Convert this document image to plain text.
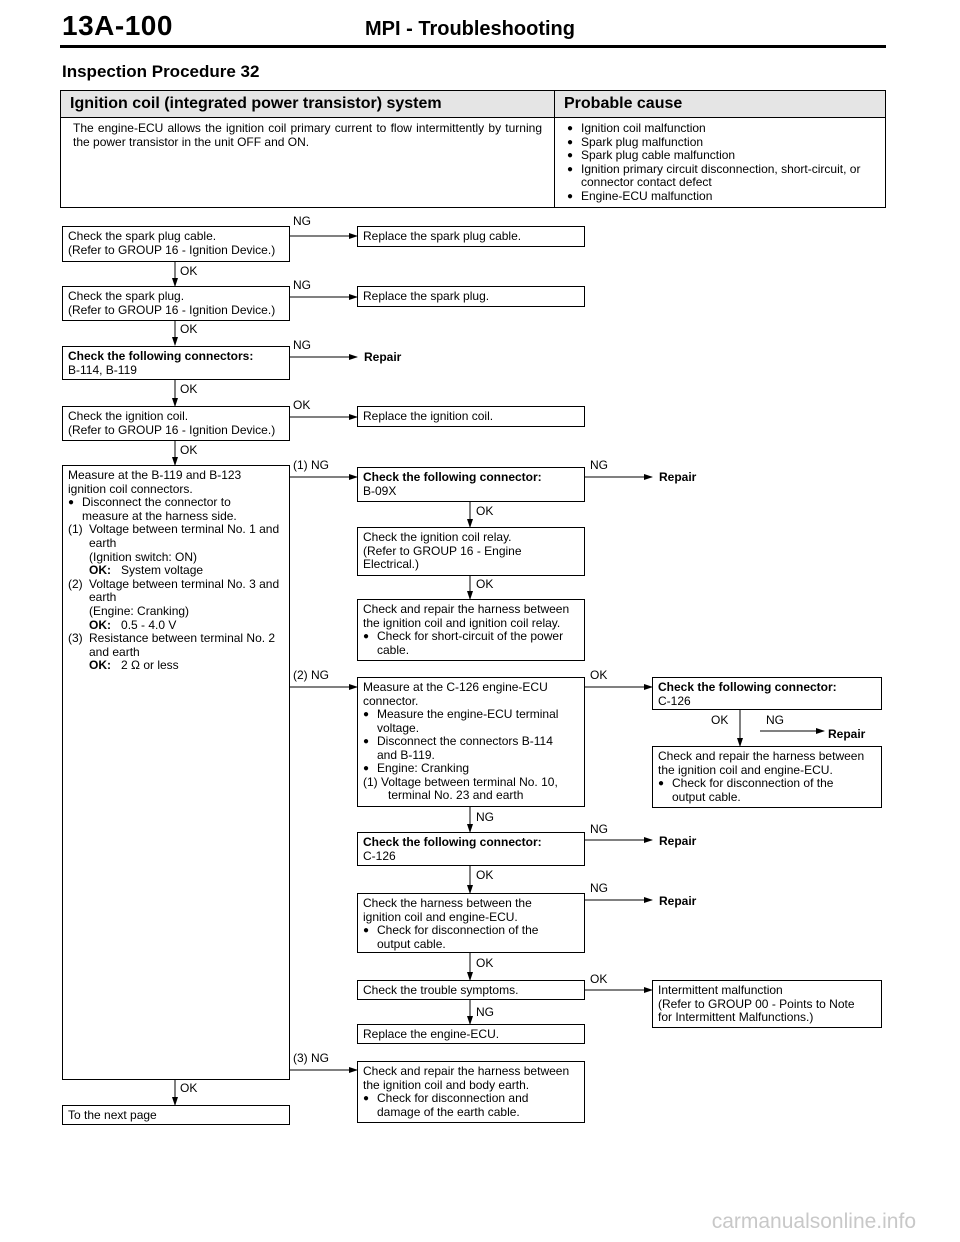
13A-100	MPI - Troubleshooting
Inspection Procedure 32
Ignition coil (integrated power transistor) system	Probable cause
The engine-ECU allows the ignition coil primary current to flow intermittently by turning the power transistor in the unit OFF and ON.	● Ignition coil malfunction
● Spark plug malfunction
● Spark plug cable malfunction
● Ignition primary circuit disconnection, short-circuit, or connector contact defect
● Engine-ECU malfunction
Check the spark plug cable.
(Refer to GROUP 16 - Ignition Device.)
Check the spark plug.
(Refer to GROUP 16 - Ignition Device.)
Check the following connectors:
B-114, B-119
Check the ignition coil.
(Refer to GROUP 16 - Ignition Device.)
Measure at the B-119 and B-123
ignition coil connectors.
● Disconnect the connector to
measure at the harness side.
(1) Voltage between terminal No. 1 and
earth
(Ignition switch: ON)
OK: System voltage
(2) Voltage between terminal No. 3 and
earth
(Engine: Cranking)
OK: 0.5 - 4.0 V
(3) Resistance between terminal No. 2
and earth
OK: 2 Ω or less
To the next page
Replace the spark plug cable.
Replace the spark plug.
Repair
Replace the ignition coil.
Check the following connector:
B-09X
Check the ignition coil relay.
(Refer to GROUP 16 - Engine
Electrical.)
Check and repair the harness between
the ignition coil and ignition coil relay.
● Check for short-circuit of the power
cable.
Measure at the C-126 engine-ECU
connector.
● Measure the engine-ECU terminal
voltage.
● Disconnect the connectors B-114
and B-119.
● Engine: Cranking
(1) Voltage between terminal No. 10,
terminal No. 23 and earth
Check the following connector:
C-126
Check the harness between the
ignition coil and engine-ECU.
● Check for disconnection of the
output cable.
Check the trouble symptoms.
Replace the engine-ECU.
Check and repair the harness between
the ignition coil and body earth.
● Check for disconnection and
damage of the earth cable.
Repair
Check the following connector:
C-126
Repair
Check and repair the harness between
the ignition coil and engine-ECU.
● Check for disconnection of the
output cable.
Repair
Repair
Intermittent malfunction
(Refer to GROUP 00 - Points to Note
for Intermittent Malfunctions.)
NG
OK
NG
OK
NG
OK
OK
OK
(1) NG	NG
OK
OK
(2) NG	OK
OK	NG
NG
NG
OK
NG
OK
OK
NG
(3) NG
OK
carmanualsonline.info
